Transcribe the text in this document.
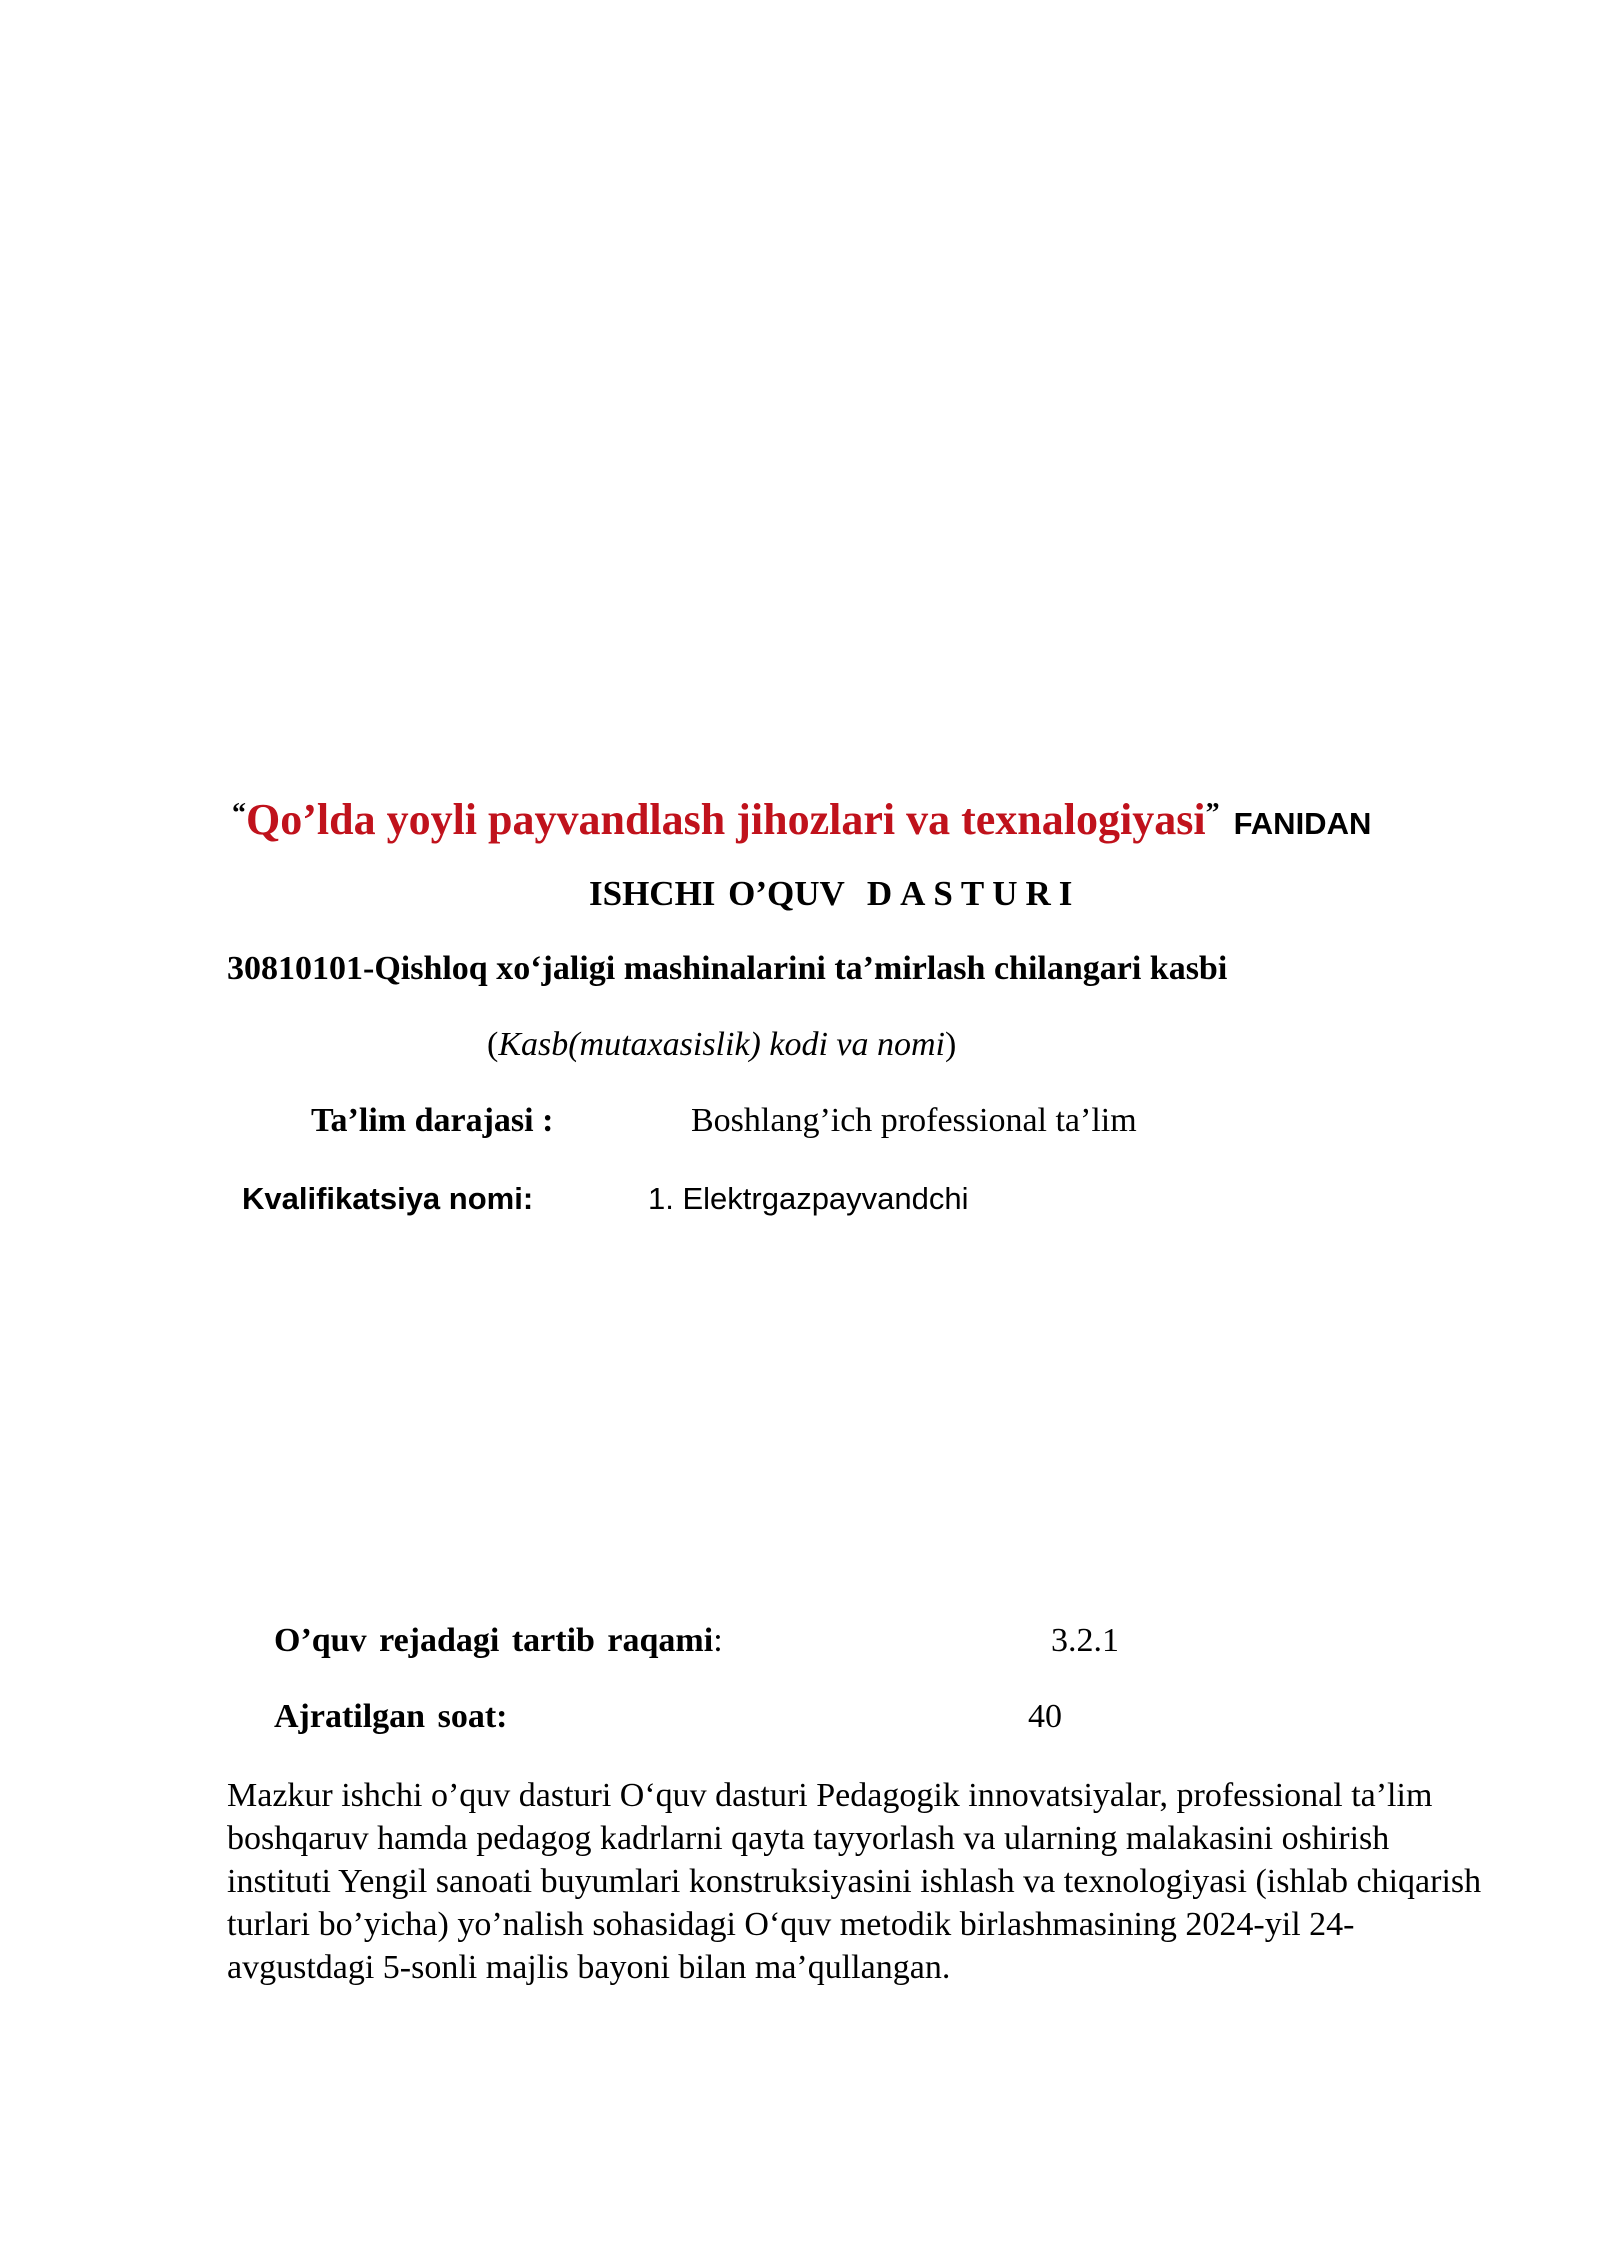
“Qo’lda yoyli payvandlash jihozlari va texnalogiyasi” FANIDAN
ISHCHI O’QUV DASTURI
30810101-Qishloq xo‘jaligi mashinalarini ta’mirlash chilangari kasbi
(Kasb(mutaxasislik) kodi va nomi)
Ta’lim darajasi :	Boshlang’ich professional ta’lim
Kvalifikatsiya nomi:	1. Elektrgazpayvandchi
O’quv rejadagi tartib raqami:	3.2.1
Ajratilgan soat:	40

Mazkur ishchi o’quv dasturi O‘quv dasturi Pedagogik innovatsiyalar, professional ta’lim boshqaruv hamda pedagog kadrlarni qayta tayyorlash va ularning malakasini oshirish instituti Yengil sanoati buyumlari konstruksiyasini ishlash va texnologiyasi (ishlab chiqarish turlari bo’yicha) yo’nalish sohasidagi O‘quv metodik birlashmasining 2024-yil 24-avgustdagi 5-sonli majlis bayoni bilan ma’qullangan.
